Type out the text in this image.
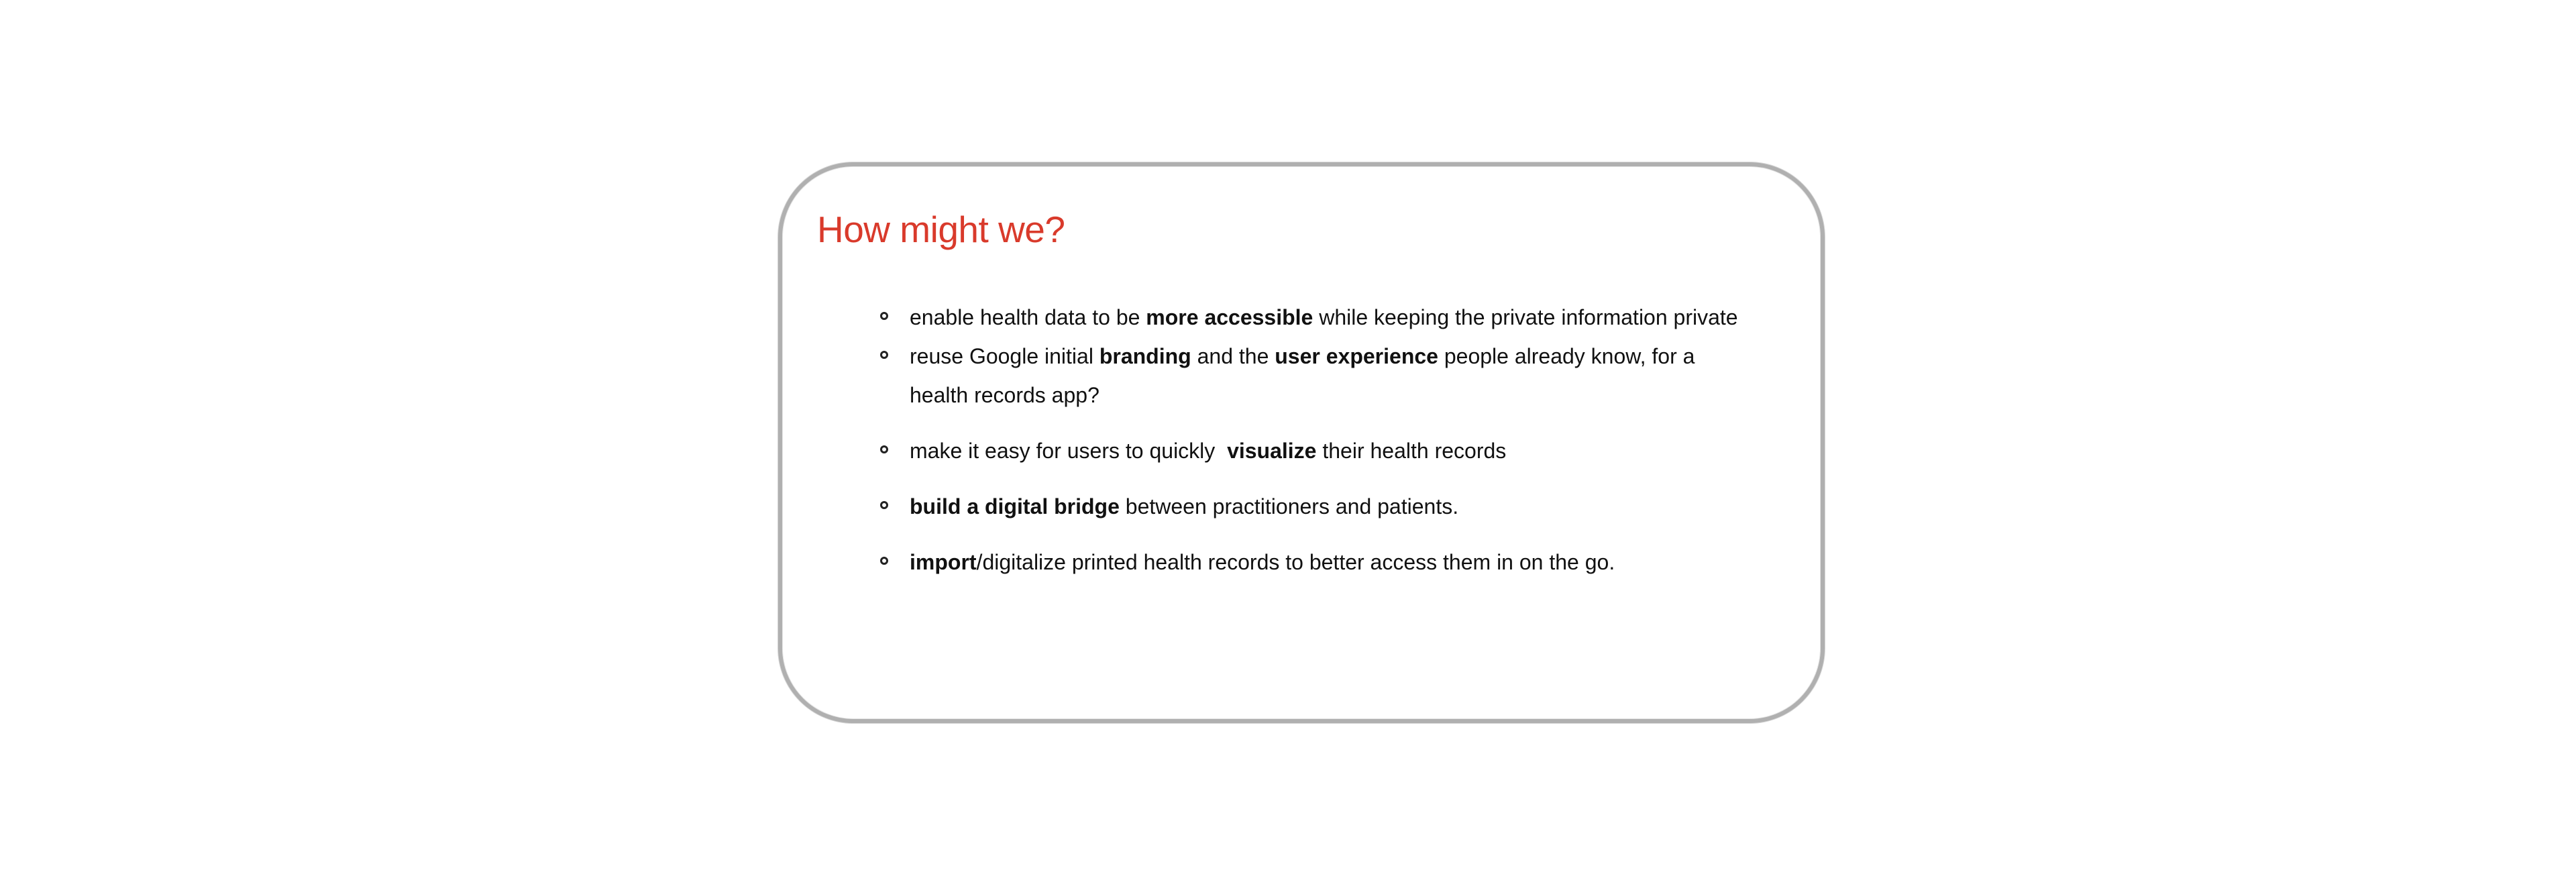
How might we?
enable health data to be more accessible while keeping the private information private
reuse Google initial branding and the user experience people already know, for a health records app?
make it easy for users to quickly  visualize their health records
build a digital bridge between practitioners and patients.
import/digitalize printed health records to better access them in on the go.
